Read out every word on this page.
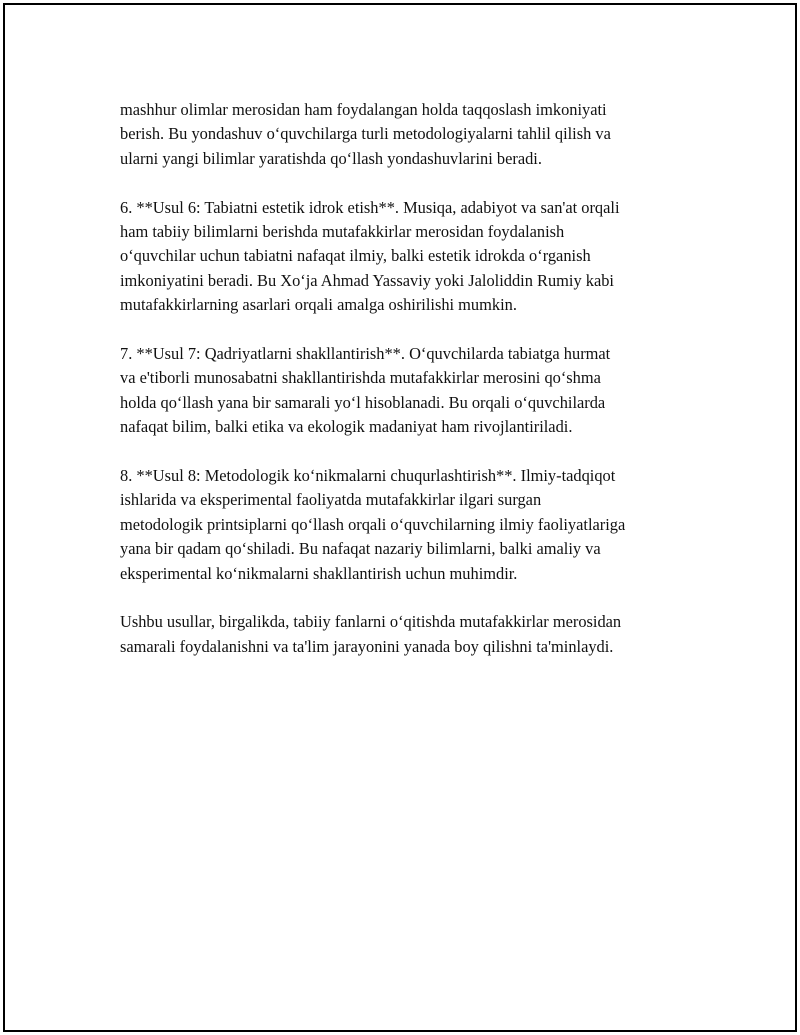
mashhur olimlar merosidan ham foydalangan holda taqqoslash imkoniyati
berish. Bu yondashuv o‘quvchilarga turli metodologiyalarni tahlil qilish va
ularni yangi bilimlar yaratishda qo‘llash yondashuvlarini beradi.

6. **Usul 6: Tabiatni estetik idrok etish**. Musiqa, adabiyot va san'at orqali
ham tabiiy bilimlarni berishda mutafakkirlar merosidan foydalanish
o‘quvchilar uchun tabiatni nafaqat ilmiy, balki estetik idrokda o‘rganish
imkoniyatini beradi. Bu Xo‘ja Ahmad Yassaviy yoki Jaloliddin Rumiy kabi
mutafakkirlarning asarlari orqali amalga oshirilishi mumkin.

7. **Usul 7: Qadriyatlarni shakllantirish**. O‘quvchilarda tabiatga hurmat
va e'tiborli munosabatni shakllantirishda mutafakkirlar merosini qo‘shma
holda qo‘llash yana bir samarali yo‘l hisoblanadi. Bu orqali o‘quvchilarda
nafaqat bilim, balki etika va ekologik madaniyat ham rivojlantiriladi.

8. **Usul 8: Metodologik ko‘nikmalarni chuqurlashtirish**. Ilmiy-tadqiqot
ishlarida va eksperimental faoliyatda mutafakkirlar ilgari surgan
metodologik printsiplarni qo‘llash orqali o‘quvchilarning ilmiy faoliyatlariga
yana bir qadam qo‘shiladi. Bu nafaqat nazariy bilimlarni, balki amaliy va
eksperimental ko‘nikmalarni shakllantirish uchun muhimdir.

Ushbu usullar, birgalikda, tabiiy fanlarni o‘qitishda mutafakkirlar merosidan
samarali foydalanishni va ta'lim jarayonini yanada boy qilishni ta'minlaydi.
